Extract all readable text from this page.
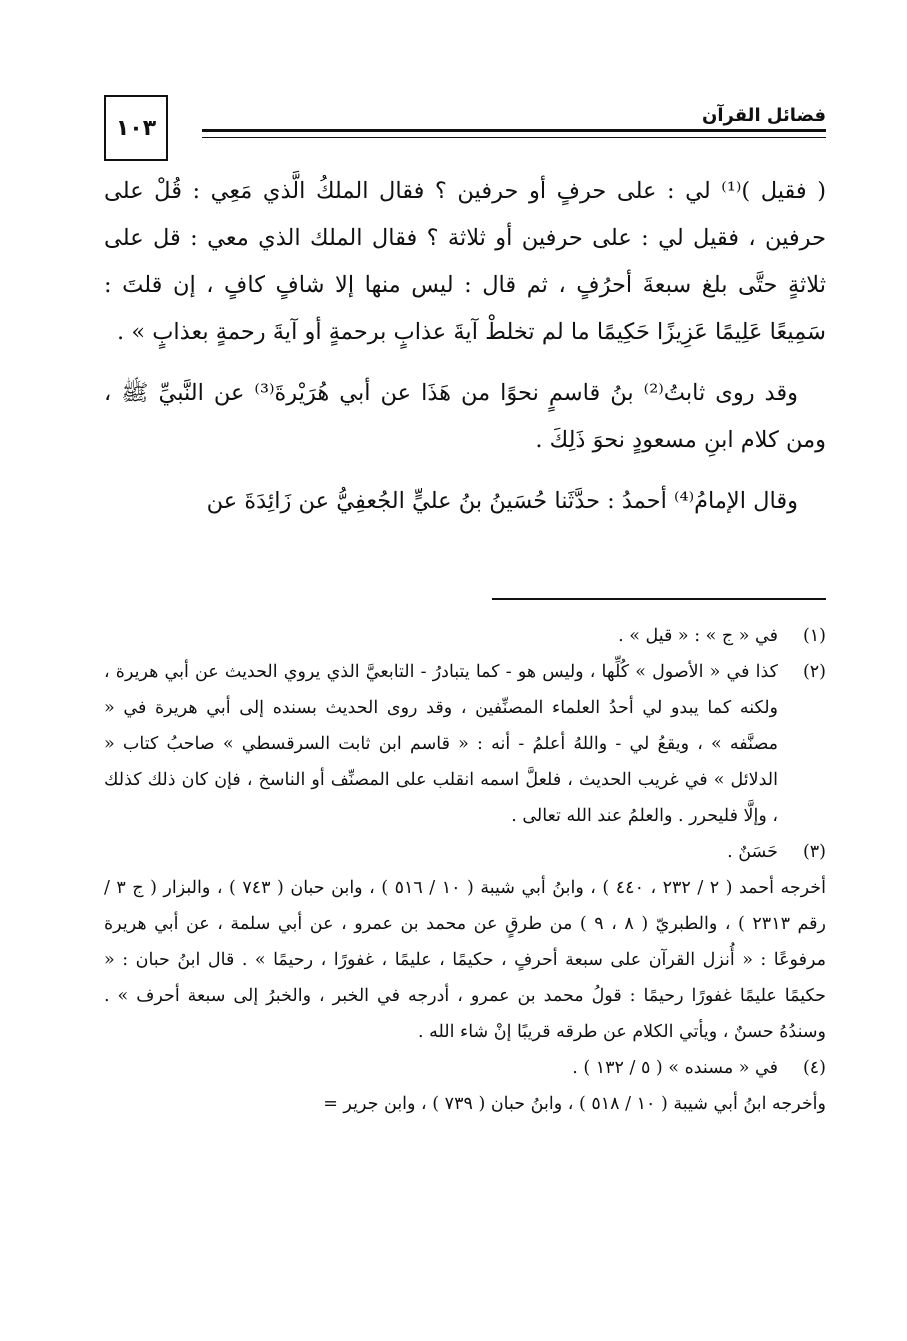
١٠٣	فضائل القرآن

( فقيل )⁽¹⁾ لي : على حرفٍ أو حرفين ؟ فقال الملكُ الَّذي مَعِي : قُلْ على حرفين ، فقيل لي : على حرفين أو ثلاثة ؟ فقال الملك الذي معي : قل على ثلاثةٍ حتَّى بلغ سبعةَ أحرُفٍ ، ثم قال : ليس منها إلا شافٍ كافٍ ، إن قلتَ : سَمِيعًا عَلِيمًا عَزِيزًا حَكِيمًا ما لم تخلطْ آيةَ عذابٍ برحمةٍ أو آيةَ رحمةٍ بعذابٍ » .

وقد روى ثابتُ⁽²⁾ بنُ قاسمٍ نحوًا من هَذَا عن أبي هُرَيْرةَ⁽³⁾ عن النَّبيِّ ﷺ ، ومن كلام ابنِ مسعودٍ نحوَ ذَلِكَ .

وقال الإمامُ⁽⁴⁾ أحمدُ : حدَّثَنا حُسَينُ بنُ عليٍّ الجُعفِيُّ عن زَائِدَةَ عن

(١)
في « ج » : « قيل » .
(٢)
كذا في « الأصول » كُلِّها ، وليس هو - كما يتبادرُ - التابعيَّ الذي يروي الحديث عن أبي هريرة ، ولكنه كما يبدو لي أحدُ العلماء المصنِّفين ، وقد روى الحديث بسنده إلى أبي هريرة في « مصنَّفه » ، ويقعُ لي - واللهُ أعلمُ - أنه : « قاسم ابن ثابت السرقسطي » صاحبُ كتاب « الدلائل » في غريب الحديث ، فلعلَّ اسمه انقلب على المصنِّف أو الناسخ ، فإن كان ذلك كذلك ، وإلَّا فليحرر . والعلمُ عند الله تعالى .
(٣)
حَسَنٌ .
أخرجه أحمد ( ٢ / ٢٣٢ ، ٤٤٠ ) ، وابنُ أبي شيبة ( ١٠ / ٥١٦ ) ، وابن حبان ( ٧٤٣ ) ، والبزار ( ج ٣ / رقم ٢٣١٣ ) ، والطبريّ ( ٨ ، ٩ ) من طرقٍ عن محمد بن عمرو ، عن أبي سلمة ، عن أبي هريرة مرفوعًا : « أُنزل القرآن على سبعة أحرفٍ ، حكيمًا ، عليمًا ، غفورًا ، رحيمًا » . قال ابنُ حبان : « حكيمًا عليمًا غفورًا رحيمًا : قولُ محمد بن عمرو ، أدرجه في الخبر ، والخبرُ إلى سبعة أحرف » . وسندُهُ حسنٌ ، ويأتي الكلام عن طرقه قريبًا إنْ شاء الله .
(٤)
في « مسنده » ( ٥ / ١٣٢ ) .
وأخرجه ابنُ أبي شيبة ( ١٠ / ٥١٨ ) ، وابنُ حبان ( ٧٣٩ ) ، وابن جرير =
